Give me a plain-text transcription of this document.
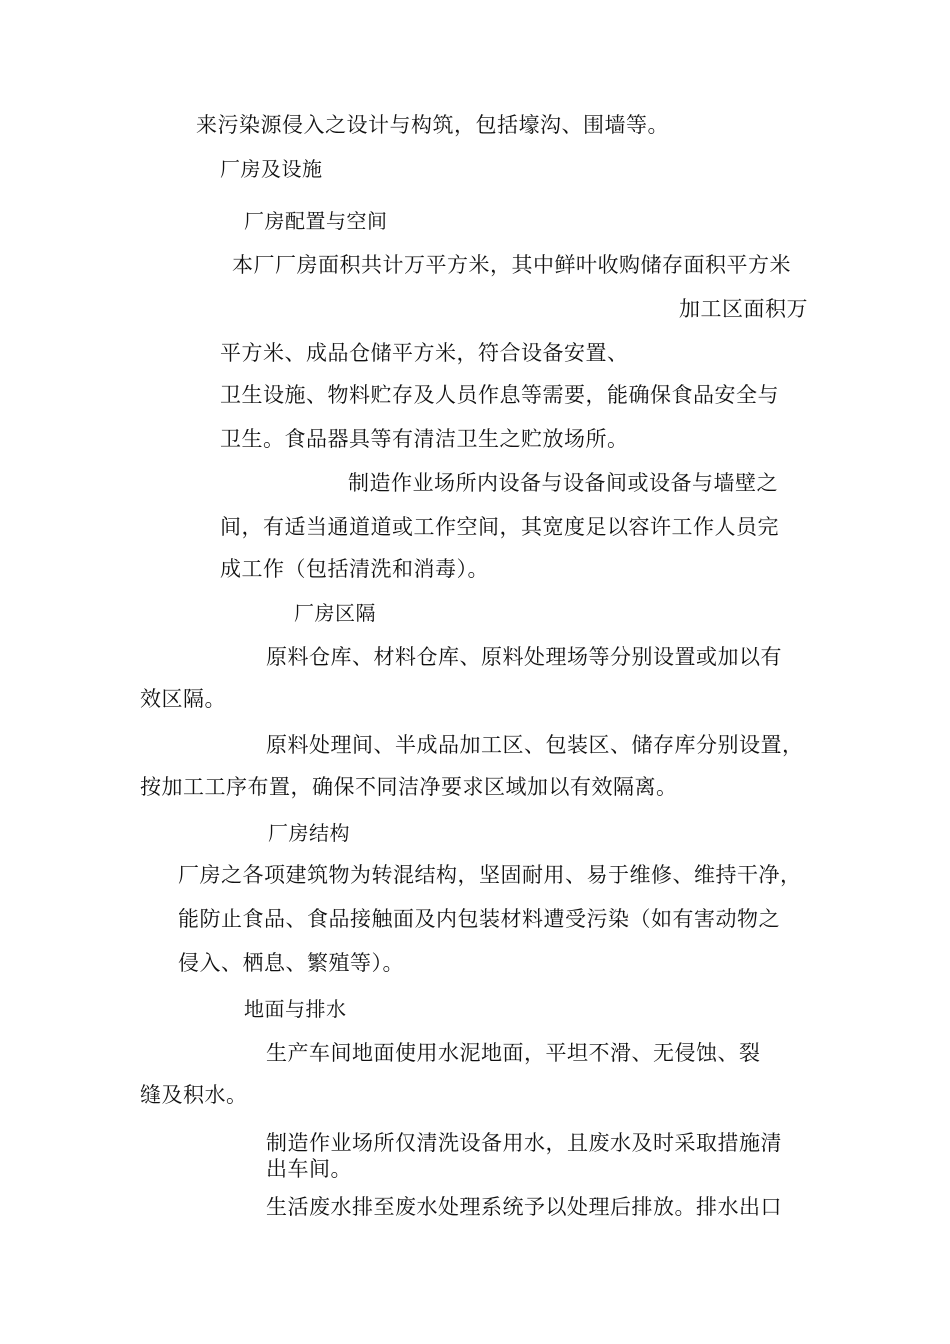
来污染源侵入之设计与构筑，包括壕沟、围墙等。
厂房及设施
厂房配置与空间
本厂厂房面积共计万平方米，其中鲜叶收购储存面积平方米
加工区面积万
平方米、成品仓储平方米，符合设备安置、
卫生设施、物料贮存及人员作息等需要，能确保食品安全与
卫生。食品器具等有清洁卫生之贮放场所。
制造作业场所内设备与设备间或设备与墙壁之
间，有适当通道道或工作空间，其宽度足以容许工作人员完
成工作（包括清洗和消毒）。
厂房区隔
原料仓库、材料仓库、原料处理场等分别设置或加以有
效区隔。
原料处理间、半成品加工区、包装区、储存库分别设置，
按加工工序布置，确保不同洁净要求区域加以有效隔离。
厂房结构
厂房之各项建筑物为转混结构，坚固耐用、易于维修、维持干净，
能防止食品、食品接触面及内包装材料遭受污染（如有害动物之
侵入、栖息、繁殖等）。
地面与排水
生产车间地面使用水泥地面，平坦不滑、无侵蚀、裂
缝及积水。
制造作业场所仅清洗设备用水，且废水及时采取措施清
出车间。
生活废水排至废水处理系统予以处理后排放。排水出口
